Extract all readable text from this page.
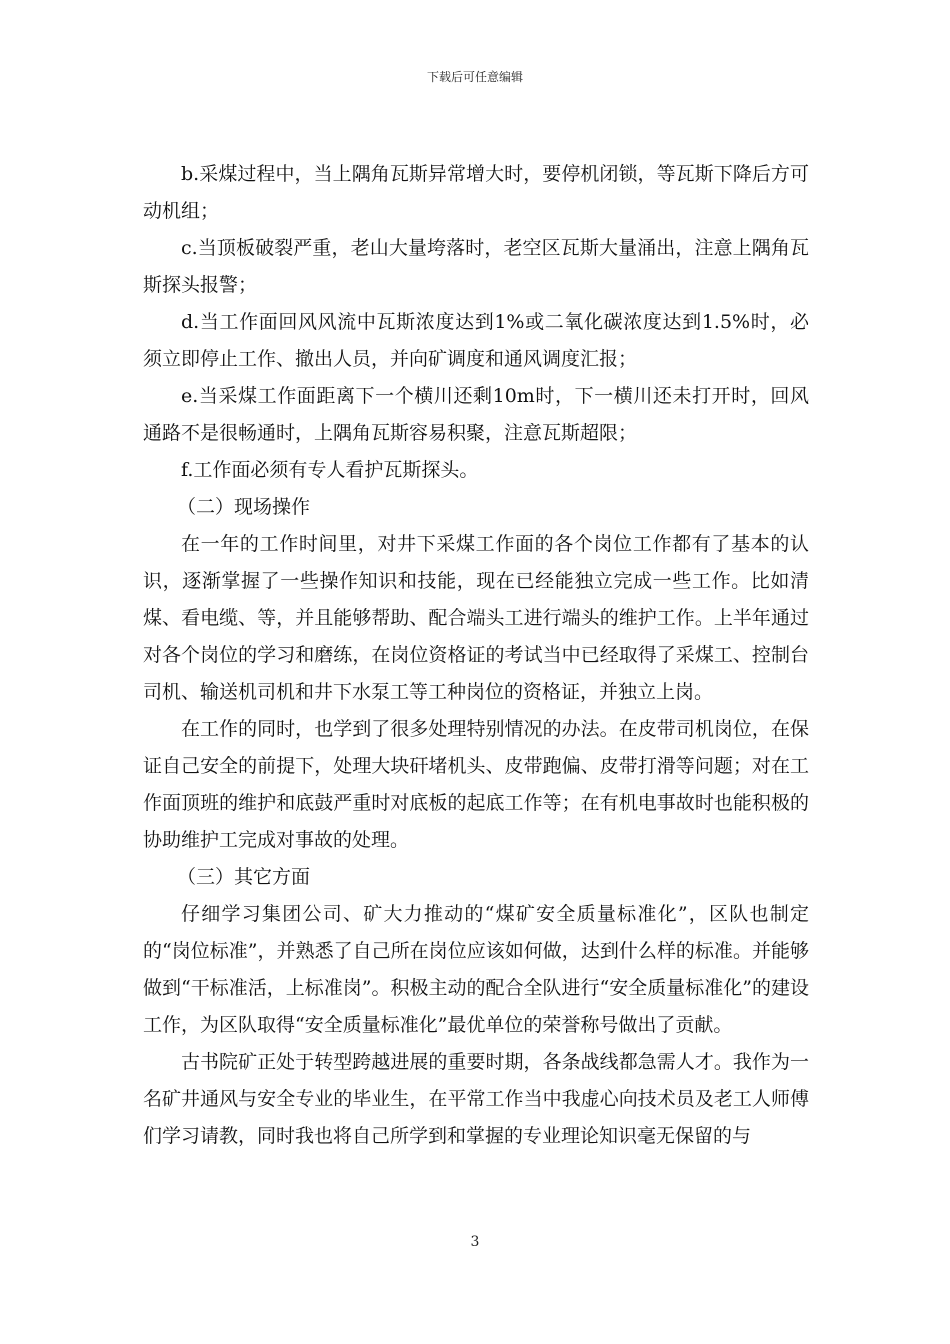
下载后可任意编辑

b.采煤过程中，当上隅角瓦斯异常增大时，要停机闭锁，等瓦斯下降后方可动机组；

c.当顶板破裂严重，老山大量垮落时，老空区瓦斯大量涌出，注意上隅角瓦斯探头报警；

d.当工作面回风风流中瓦斯浓度达到1%或二氧化碳浓度达到1.5%时，必须立即停止工作、撤出人员，并向矿调度和通风调度汇报；

e.当采煤工作面距离下一个横川还剩10m时，下一横川还未打开时，回风通路不是很畅通时，上隅角瓦斯容易积聚，注意瓦斯超限；

f.工作面必须有专人看护瓦斯探头。

（二）现场操作

在一年的工作时间里，对井下采煤工作面的各个岗位工作都有了基本的认识，逐渐掌握了一些操作知识和技能，现在已经能独立完成一些工作。比如清煤、看电缆、等，并且能够帮助、配合端头工进行端头的维护工作。上半年通过对各个岗位的学习和磨练，在岗位资格证的考试当中已经取得了采煤工、控制台司机、输送机司机和井下水泵工等工种岗位的资格证，并独立上岗。

在工作的同时，也学到了很多处理特别情况的办法。在皮带司机岗位，在保证自己安全的前提下，处理大块矸堵机头、皮带跑偏、皮带打滑等问题；对在工作面顶班的维护和底鼓严重时对底板的起底工作等；在有机电事故时也能积极的协助维护工完成对事故的处理。

（三）其它方面

仔细学习集团公司、矿大力推动的“煤矿安全质量标准化”，区队也制定的“岗位标准”，并熟悉了自己所在岗位应该如何做，达到什么样的标准。并能够做到“干标准活，上标准岗”。积极主动的配合全队进行“安全质量标准化”的建设工作，为区队取得“安全质量标准化”最优单位的荣誉称号做出了贡献。

古书院矿正处于转型跨越进展的重要时期，各条战线都急需人才。我作为一名矿井通风与安全专业的毕业生，在平常工作当中我虚心向技术员及老工人师傅们学习请教，同时我也将自己所学到和掌握的专业理论知识毫无保留的与

3
